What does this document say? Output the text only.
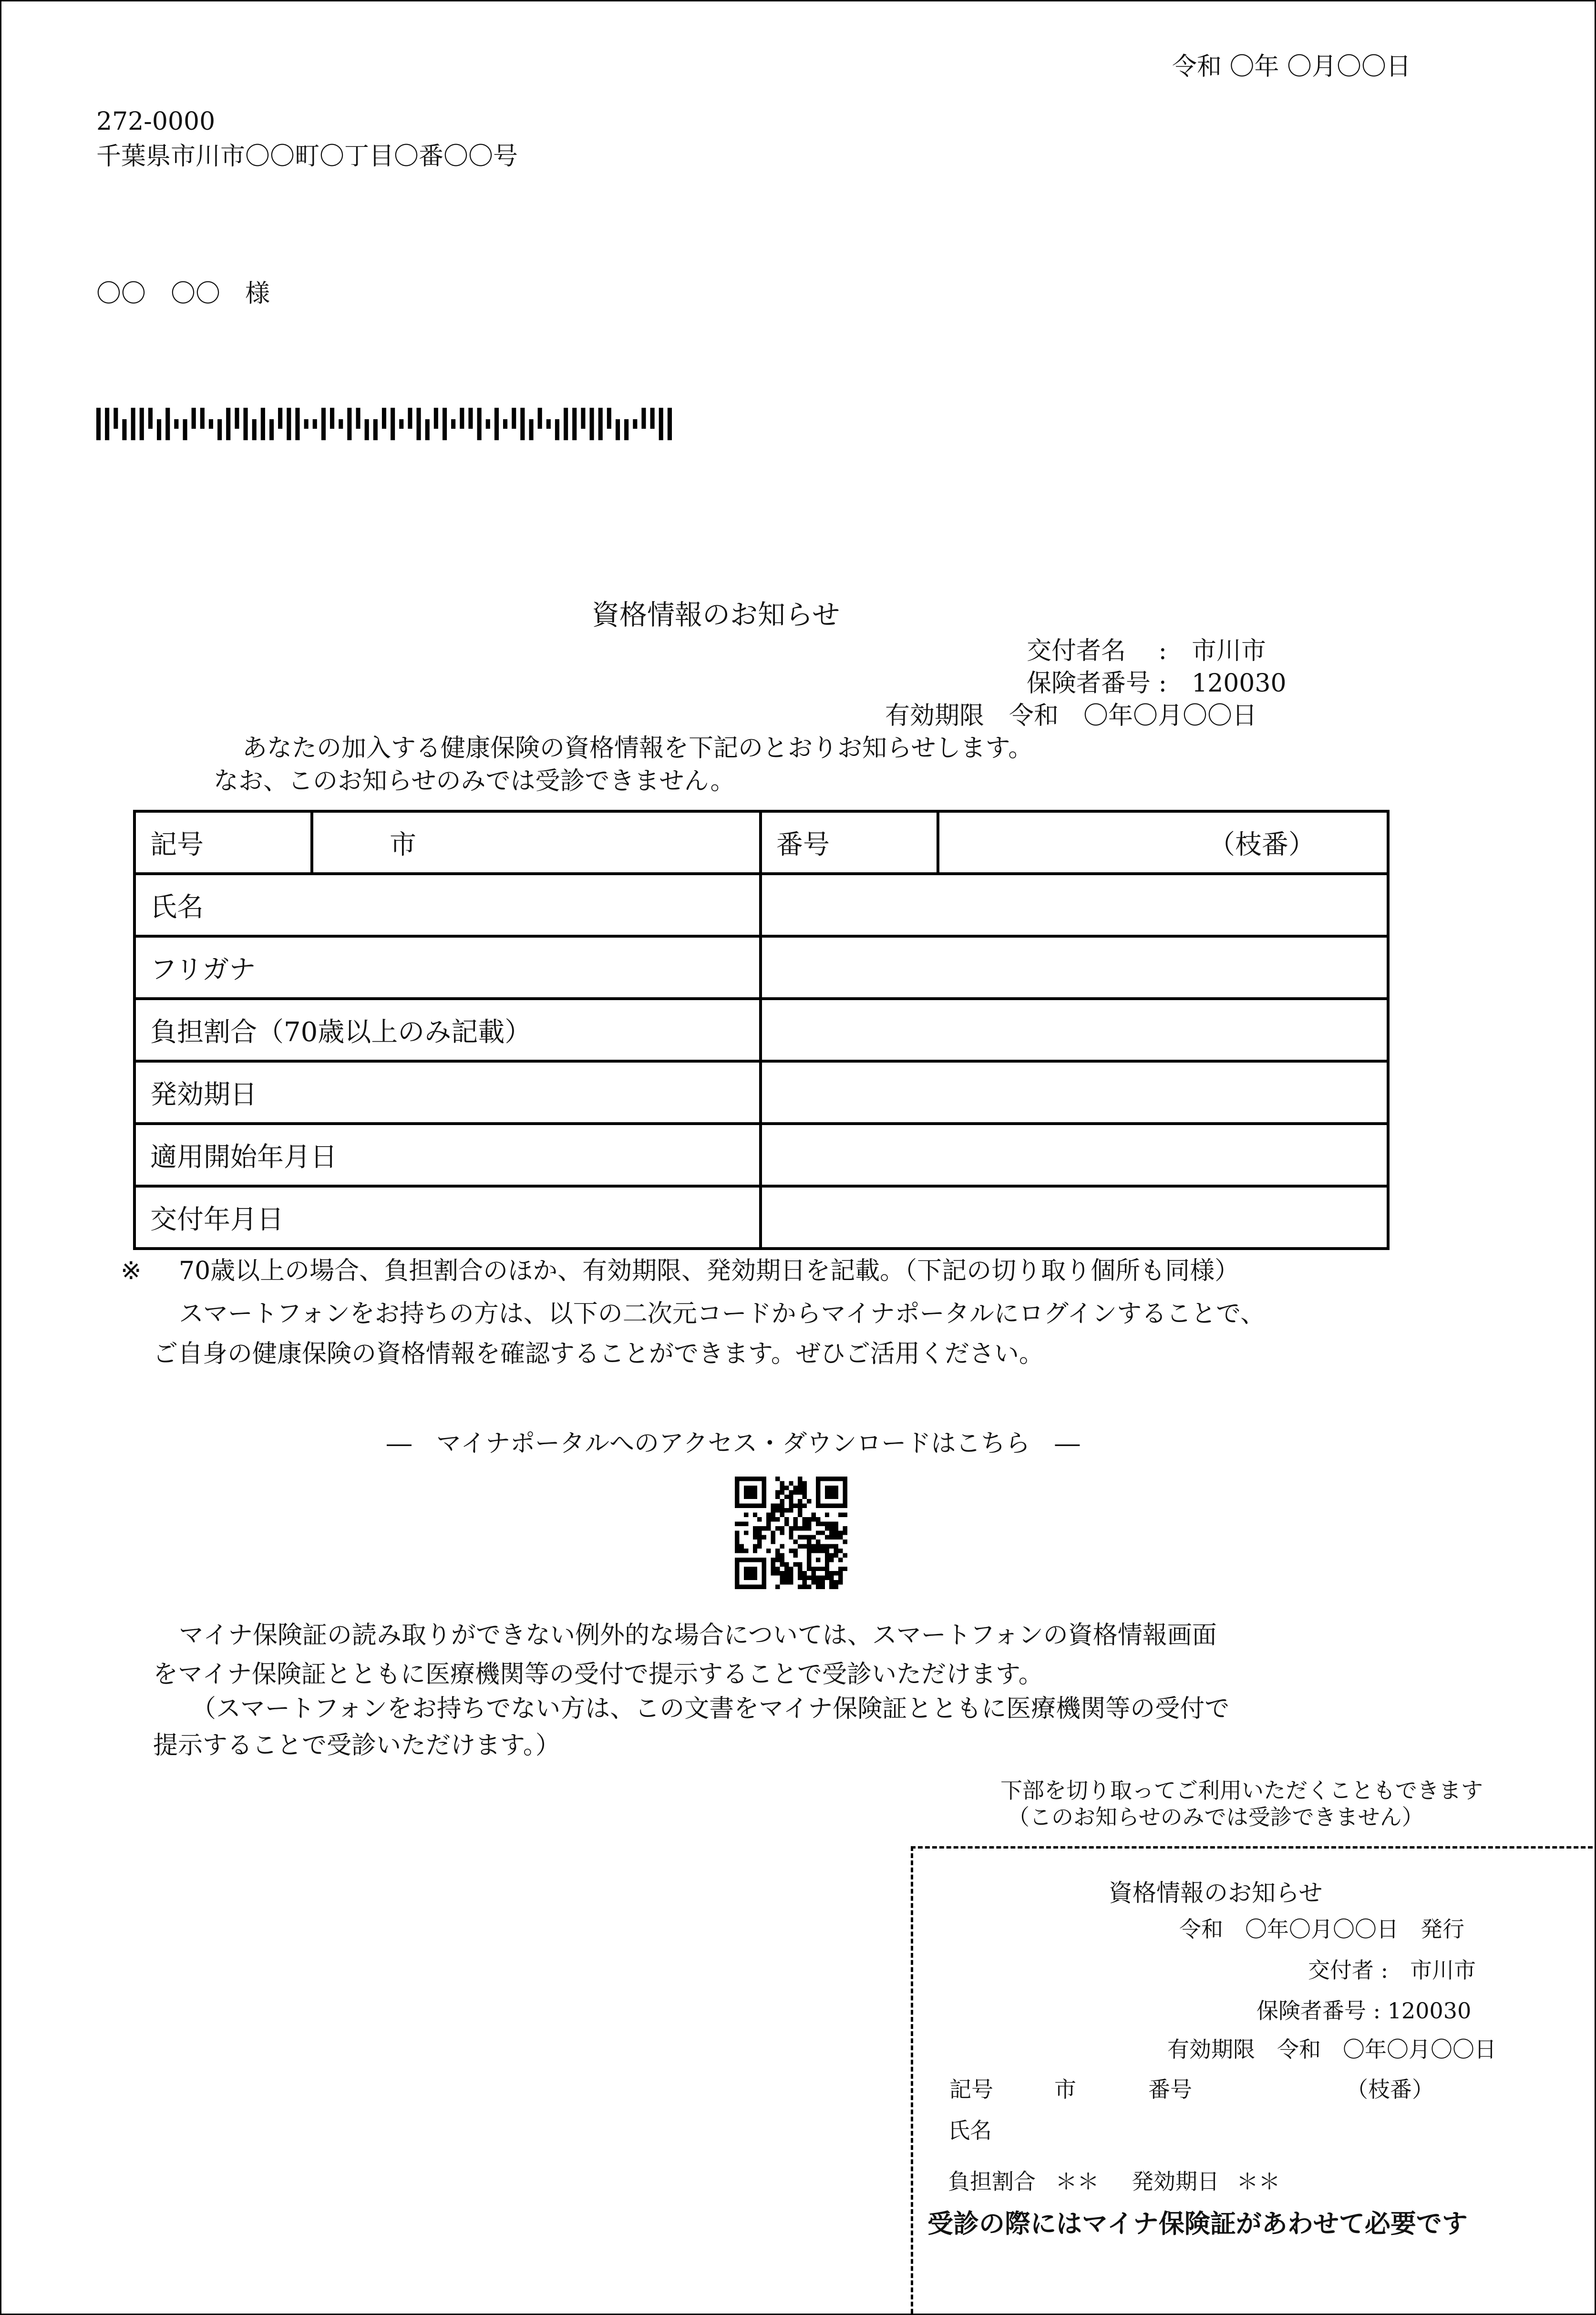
令和 〇年 〇月〇〇日
272-0000
千葉県市川市〇〇町〇丁目〇番〇〇号
〇〇　〇〇　様
資格情報のお知らせ
交付者名　 :　市川市
保険者番号 :　120030
有効期限　令和　〇年〇月〇〇日
あなたの加入する健康保険の資格情報を下記のとおりお知らせします。
なお、このお知らせのみでは受診できません。
記号	市	番号	（枝番）
氏名			
フリガナ			
負担割合（70歳以上のみ記載）			
発効期日			
適用開始年月日			
交付年月日			
※ 70歳以上の場合、負担割合のほか、有効期限、発効期日を記載。（下記の切り取り個所も同様）
スマートフォンをお持ちの方は、以下の二次元コードからマイナポータルにログインすることで、
ご自身の健康保険の資格情報を確認することができます。ぜひご活用ください。
―　マイナポータルへのアクセス・ダウンロードはこちら　―
マイナ保険証の読み取りができない例外的な場合については、スマートフォンの資格情報画面
をマイナ保険証とともに医療機関等の受付で提示することで受診いただけます。
（スマートフォンをお持ちでない方は、この文書をマイナ保険証とともに医療機関等の受付で
提示することで受診いただけます。）
下部を切り取ってご利用いただくこともできます
（このお知らせのみでは受診できません）
資格情報のお知らせ
令和　〇年〇月〇〇日　発行
交付者 :　市川市
保険者番号 : 120030
有効期限　令和　〇年〇月〇〇日
記号	市	番号	（枝番）
氏名
負担割合 ＊＊ 発効期日 ＊＊
受診の際にはマイナ保険証があわせて必要です
